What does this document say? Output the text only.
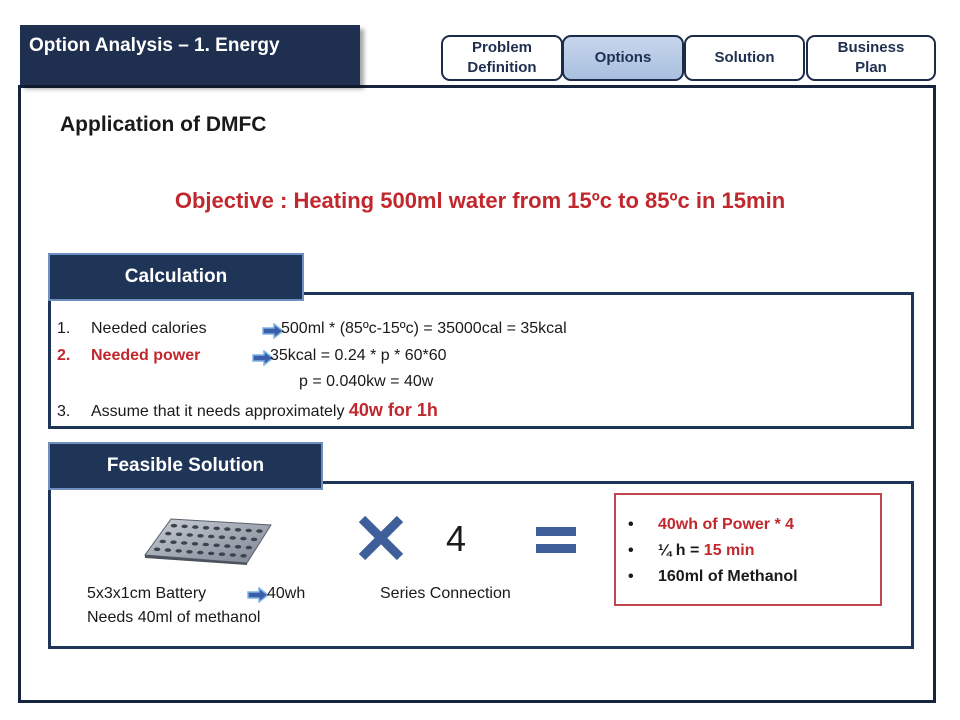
Option Analysis – 1. Energy	Problem
Definition
Options	Solution
Business
Plan
Application of DMFC
Objective : Heating 500ml water from 15ºc to 85ºc in 15min
Calculation
1. Needed calories	500ml * (85ºc-15ºc) = 35000cal = 35kcal
2. Needed power	35kcal = 0.24 * p * 60*60
p = 0.040kw = 40w
3. Assume that it needs approximately 40w for 1h
Feasible Solution
5x3x1cm Battery	40wh
Needs 40ml of methanol
4
Series Connection
• 40wh of Power * 4
• ¼ h = 15 min
• 160ml of Methanol
